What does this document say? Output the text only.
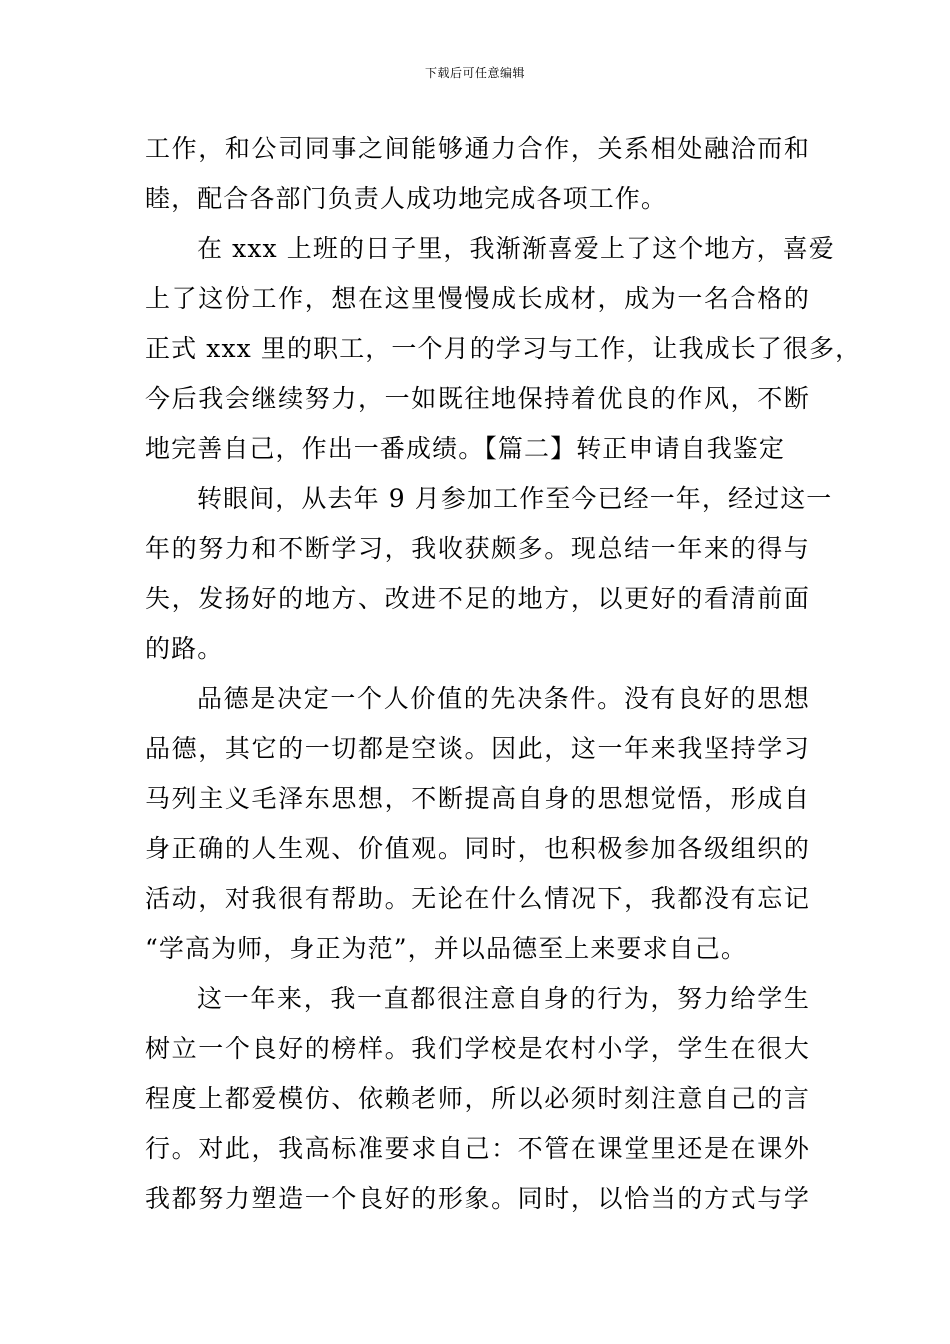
下载后可任意编辑
工作，和公司同事之间能够通力合作，关系相处融洽而和
睦，配合各部门负责人成功地完成各项工作。
在 xxx 上班的日子里，我渐渐喜爱上了这个地方，喜爱
上了这份工作，想在这里慢慢成长成材，成为一名合格的
正式 xxx 里的职工，一个月的学习与工作，让我成长了很多，
今后我会继续努力，一如既往地保持着优良的作风，不断
地完善自己，作出一番成绩。【篇二】转正申请自我鉴定
转眼间，从去年 9 月参加工作至今已经一年，经过这一
年的努力和不断学习，我收获颇多。现总结一年来的得与
失，发扬好的地方、改进不足的地方，以更好的看清前面
的路。
品德是决定一个人价值的先决条件。没有良好的思想
品德，其它的一切都是空谈。因此，这一年来我坚持学习
马列主义毛泽东思想，不断提高自身的思想觉悟，形成自
身正确的人生观、价值观。同时，也积极参加各级组织的
活动，对我很有帮助。无论在什么情况下，我都没有忘记
“学高为师，身正为范”，并以品德至上来要求自己。
这一年来，我一直都很注意自身的行为，努力给学生
树立一个良好的榜样。我们学校是农村小学，学生在很大
程度上都爱模仿、依赖老师，所以必须时刻注意自己的言
行。对此，我高标准要求自己：不管在课堂里还是在课外
我都努力塑造一个良好的形象。同时，以恰当的方式与学
